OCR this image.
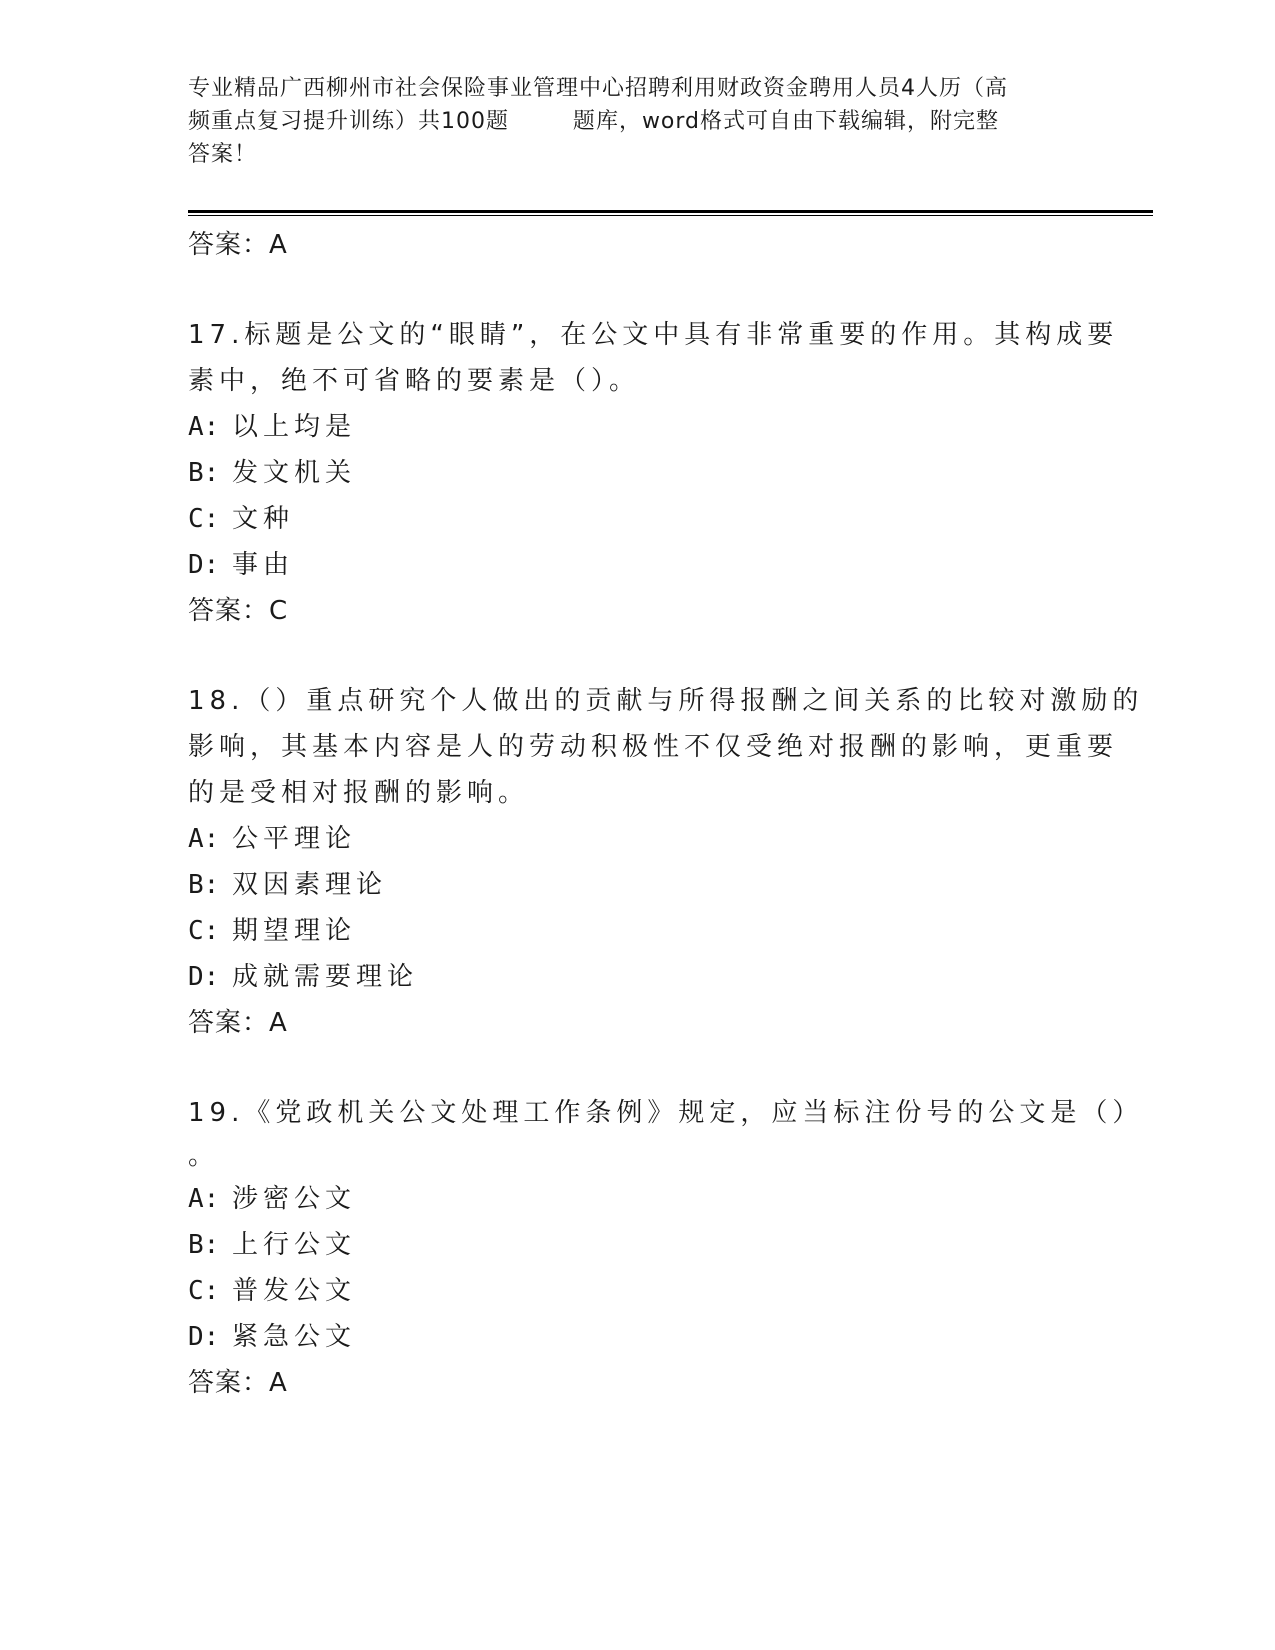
专业精品广西柳州市社会保险事业管理中心招聘利用财政资金聘用人员4人历（高
频重点复习提升训练）共100题        题库，word格式可自由下载编辑，附完整
答案！
答案：A
17.标题是公文的“眼睛”，在公文中具有非常重要的作用。其构成要
素中，绝不可省略的要素是（）。
A: 以上均是
B: 发文机关
C: 文种
D: 事由
答案：C
18.（）重点研究个人做出的贡献与所得报酬之间关系的比较对激励的
影响，其基本内容是人的劳动积极性不仅受绝对报酬的影响，更重要
的是受相对报酬的影响。
A: 公平理论
B: 双因素理论
C: 期望理论
D: 成就需要理论
答案：A
19.《党政机关公文处理工作条例》规定，应当标注份号的公文是（）
。
A: 涉密公文
B: 上行公文
C: 普发公文
D: 紧急公文
答案：A
